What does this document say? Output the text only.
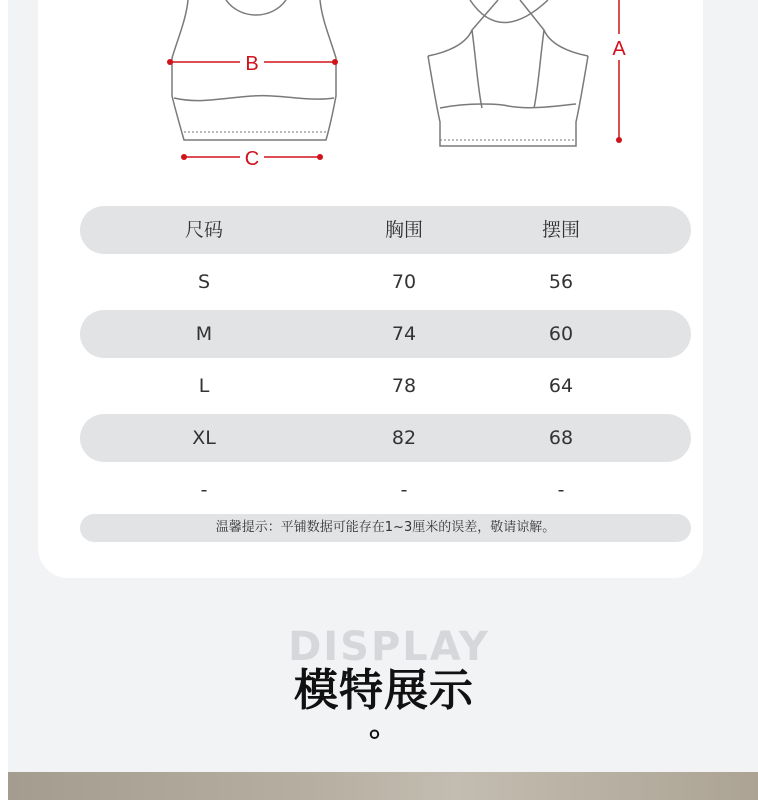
B
C
A
尺码	胸围	摆围
S	70	56
M	74	60
L	78	64
XL	82	68
-	-	-
温馨提示：平铺数据可能存在1~3厘米的误差，敬请谅解。
DISPLAY
模特展示
。
